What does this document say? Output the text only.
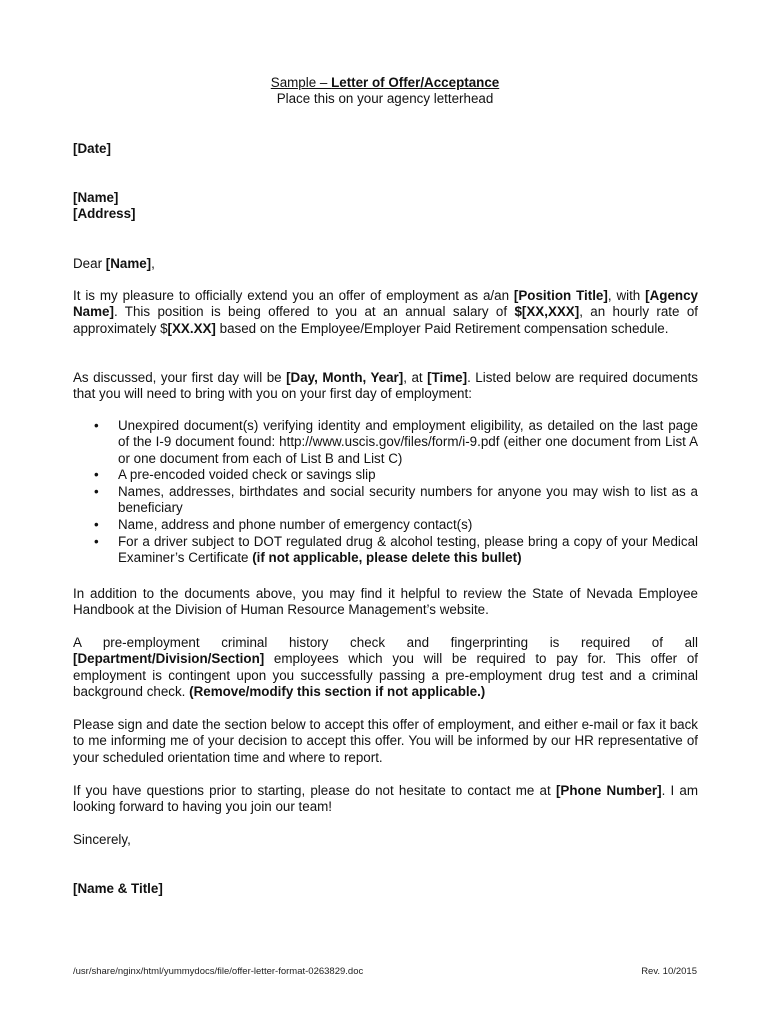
Sample – Letter of Offer/Acceptance
Place this on your agency letterhead
[Date]
[Name]
[Address]
Dear [Name],
It is my pleasure to officially extend you an offer of employment as a/an [Position Title], with [Agency Name]. This position is being offered to you at an annual salary of $[XX,XXX], an hourly rate of approximately $[XX.XX] based on the Employee/Employer Paid Retirement compensation schedule.
As discussed, your first day will be [Day, Month, Year], at [Time]. Listed below are required documents that you will need to bring with you on your first day of employment:
• Unexpired document(s) verifying identity and employment eligibility, as detailed on the last page of the I-9 document found: http://www.uscis.gov/files/form/i-9.pdf (either one document from List A or one document from each of List B and List C)
• A pre-encoded voided check or savings slip
• Names, addresses, birthdates and social security numbers for anyone you may wish to list as a beneficiary
• Name, address and phone number of emergency contact(s)
• For a driver subject to DOT regulated drug & alcohol testing, please bring a copy of your Medical Examiner’s Certificate (if not applicable, please delete this bullet)
In addition to the documents above, you may find it helpful to review the State of Nevada Employee Handbook at the Division of Human Resource Management’s website.
A pre-employment criminal history check and fingerprinting is required of all [Department/Division/Section] employees which you will be required to pay for. This offer of employment is contingent upon you successfully passing a pre-employment drug test and a criminal background check. (Remove/modify this section if not applicable.)
Please sign and date the section below to accept this offer of employment, and either e-mail or fax it back to me informing me of your decision to accept this offer. You will be informed by our HR representative of your scheduled orientation time and where to report.
If you have questions prior to starting, please do not hesitate to contact me at [Phone Number]. I am looking forward to having you join our team!
Sincerely,
[Name & Title]
/usr/share/nginx/html/yummydocs/file/offer-letter-format-0263829.doc	Rev. 10/2015
